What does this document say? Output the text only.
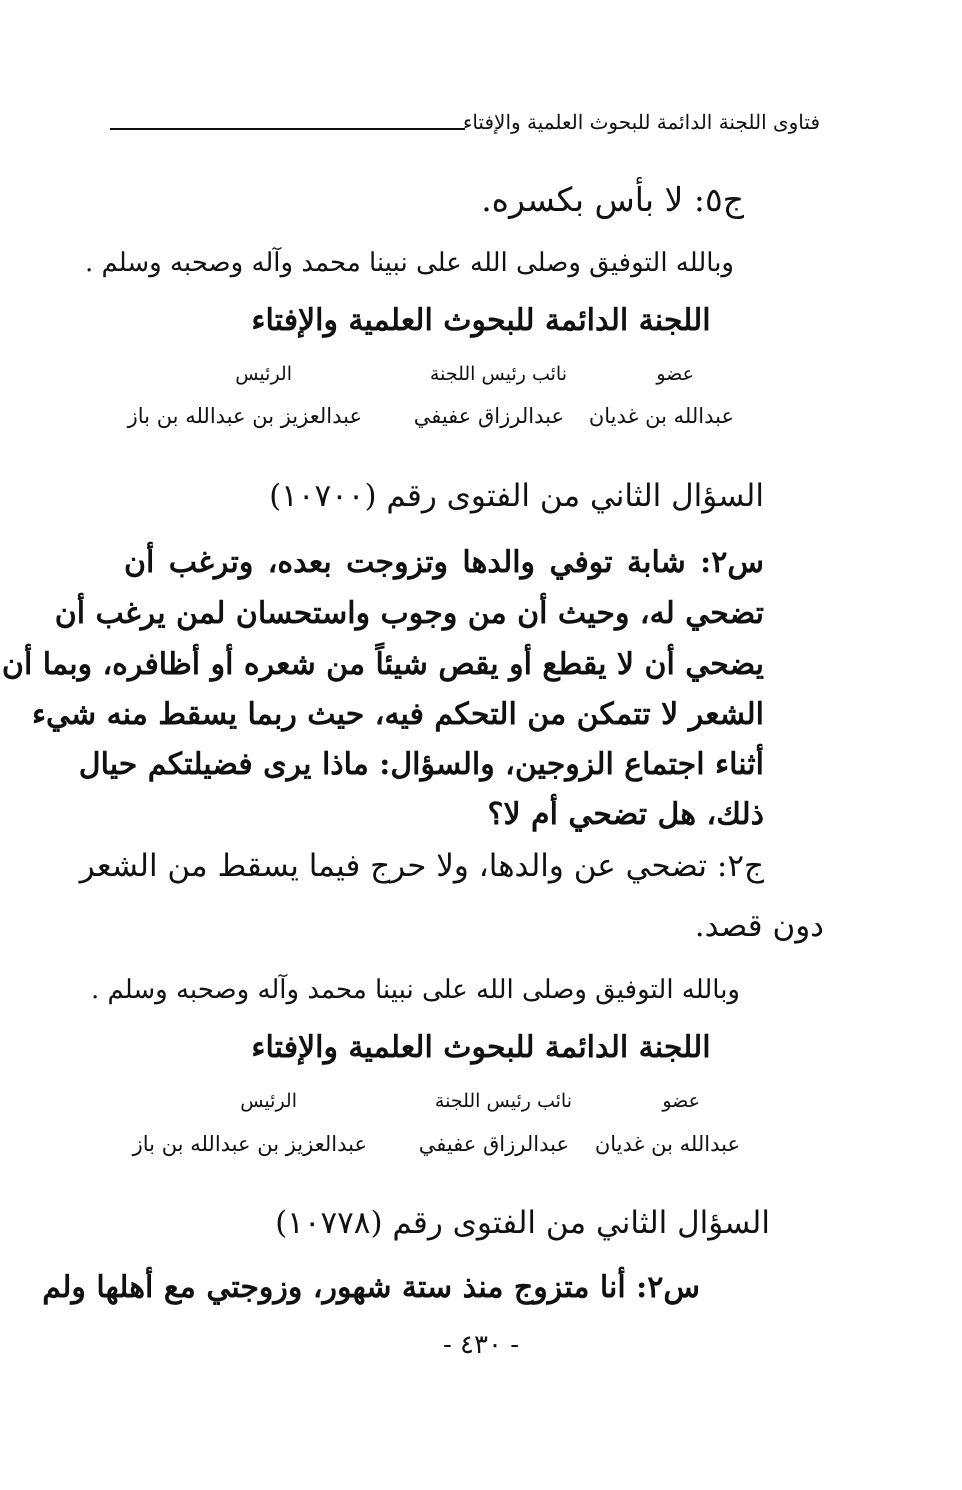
فتاوى اللجنة الدائمة للبحوث العلمية والإفتاء
ج٥: لا بأس بكسره.
وبالله التوفيق وصلى الله على نبينا محمد وآله وصحبه وسلم .
اللجنة الدائمة للبحوث العلمية والإفتاء
عضو
نائب رئيس اللجنة
الرئيس
عبدالله بن غديان
عبدالرزاق عفيفي
عبدالعزيز بن عبدالله بن باز
السؤال الثاني من الفتوى رقم (١٠٧٠٠)
س٢: شابة توفي والدها وتزوجت بعده، وترغب أن
تضحي له، وحيث أن من وجوب واستحسان لمن يرغب أن
يضحي أن لا يقطع أو يقص شيئاً من شعره أو أظافره، وبما أن
الشعر لا تتمكن من التحكم فيه، حيث ربما يسقط منه شيء
أثناء اجتماع الزوجين، والسؤال: ماذا يرى فضيلتكم حيال
ذلك، هل تضحي أم لا؟
ج٢: تضحي عن والدها، ولا حرج فيما يسقط من الشعر
دون قصد.
وبالله التوفيق وصلى الله على نبينا محمد وآله وصحبه وسلم .
اللجنة الدائمة للبحوث العلمية والإفتاء
عضو
نائب رئيس اللجنة
الرئيس
عبدالله بن غديان
عبدالرزاق عفيفي
عبدالعزيز بن عبدالله بن باز
السؤال الثاني من الفتوى رقم (١٠٧٧٨)
س٢: أنا متزوج منذ ستة شهور، وزوجتي مع أهلها ولم
- ٤٣٠ -
